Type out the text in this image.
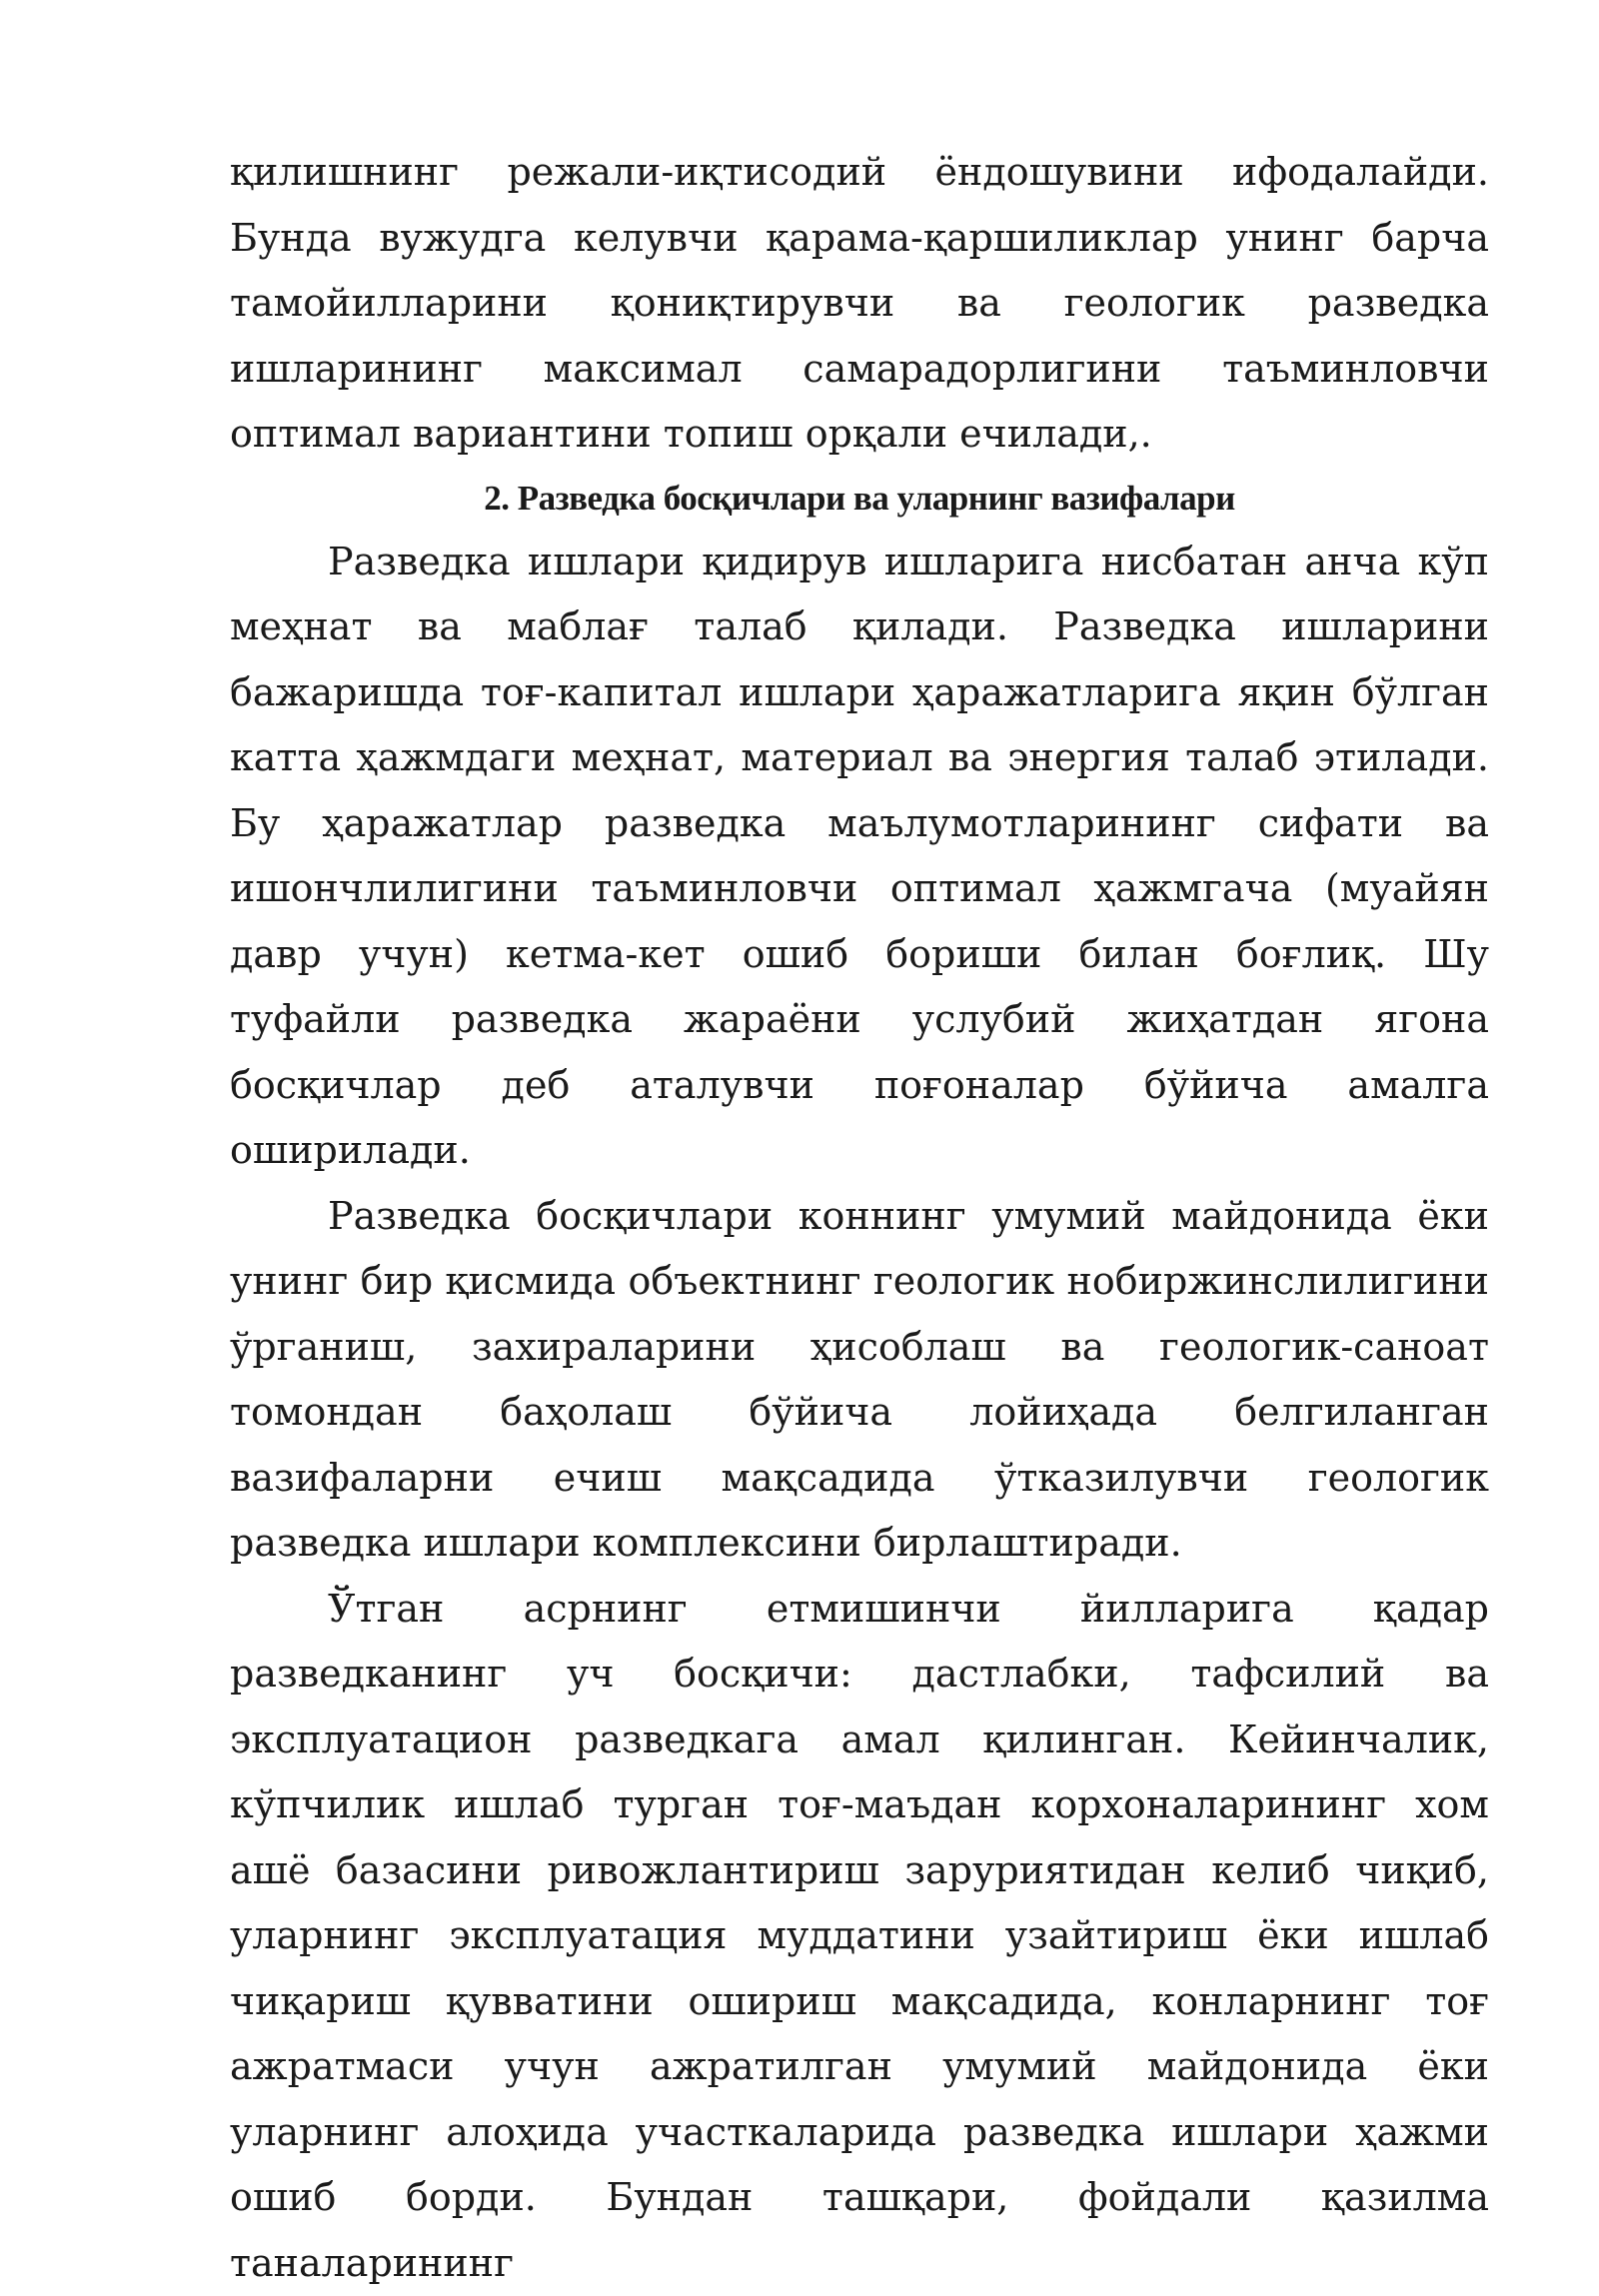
қилишнинг режали-иқтисодий ёндошувини ифодалайди. Бунда вужудга келувчи қарама-қаршиликлар унинг барча тамойилларини қониқтирувчи ва геологик разведка ишларининг максимал самарадорлигини таъминловчи оптимал вариантини топиш орқали ечилади,.

2. Разведка босқичлари ва уларнинг вазифалари

Разведка ишлари қидирув ишларига нисбатан анча кўп меҳнат ва маблағ талаб қилади. Разведка ишларини бажаришда тоғ-капитал ишлари ҳаражатларига яқин бўлган катта ҳажмдаги меҳнат, материал ва энергия талаб этилади. Бу ҳаражатлар разведка маълумотларининг сифати ва ишончлилигини таъминловчи оптимал ҳажмгача (муайян давр учун) кетма-кет ошиб бориши билан боғлиқ. Шу туфайли разведка жараёни услубий жиҳатдан ягона босқичлар деб аталувчи поғоналар бўйича амалга оширилади.

Разведка босқичлари коннинг умумий майдонида ёки унинг бир қисмида объектнинг геологик нобиржинслилигини ўрганиш, захираларини ҳисоблаш ва геологик-саноат томондан баҳолаш бўйича лойиҳада белгиланган вазифаларни ечиш мақсадида ўтказилувчи геологик разведка ишлари комплексини бирлаштиради.

Ўтган асрнинг етмишинчи йилларига қадар разведканинг уч босқичи: дастлабки, тафсилий ва эксплуатацион разведкага амал қилинган. Кейинчалик, кўпчилик ишлаб турган тоғ-маъдан корхоналарининг хом ашё базасини ривожлантириш заруриятидан келиб чиқиб, уларнинг эксплуатация муддатини узайтириш ёки ишлаб чиқариш қувватини ошириш мақсадида, конларнинг тоғ ажратмаси учун ажратилган умумий майдонида ёки уларнинг алоҳида участкаларида разведка ишлари ҳажми ошиб борди. Бундан ташқари, фойдали қазилма таналарининг
